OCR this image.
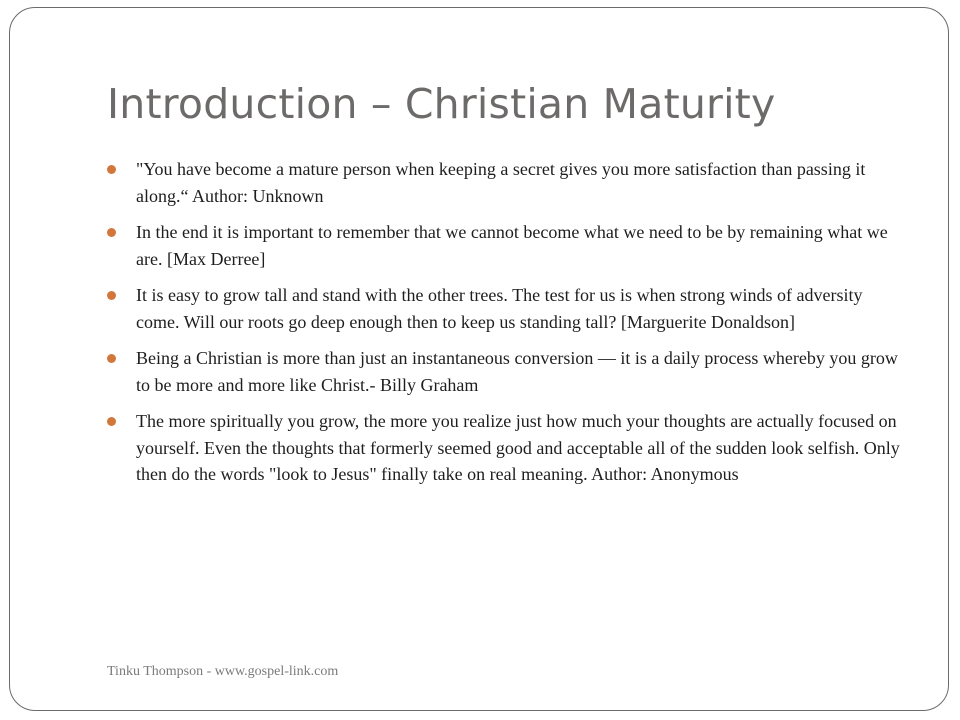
Introduction – Christian Maturity
"You have become a mature person when keeping a secret gives you more satisfaction than passing it along.“ Author: Unknown
In the end it is important to remember that we cannot become what we need to be by remaining what we are. [Max Derree]
It is easy to grow tall and stand with the other trees. The test for us is when strong winds of adversity come. Will our roots go deep enough then to keep us standing tall? [Marguerite Donaldson]
Being a Christian is more than just an instantaneous conversion — it is a daily process whereby you grow to be more and more like Christ.- Billy Graham
The more spiritually you grow, the more you realize just how much your thoughts are actually focused on yourself. Even the thoughts that formerly seemed good and acceptable all of the sudden look selfish. Only then do the words "look to Jesus" finally take on real meaning. Author: Anonymous
Tinku Thompson - www.gospel-link.com
